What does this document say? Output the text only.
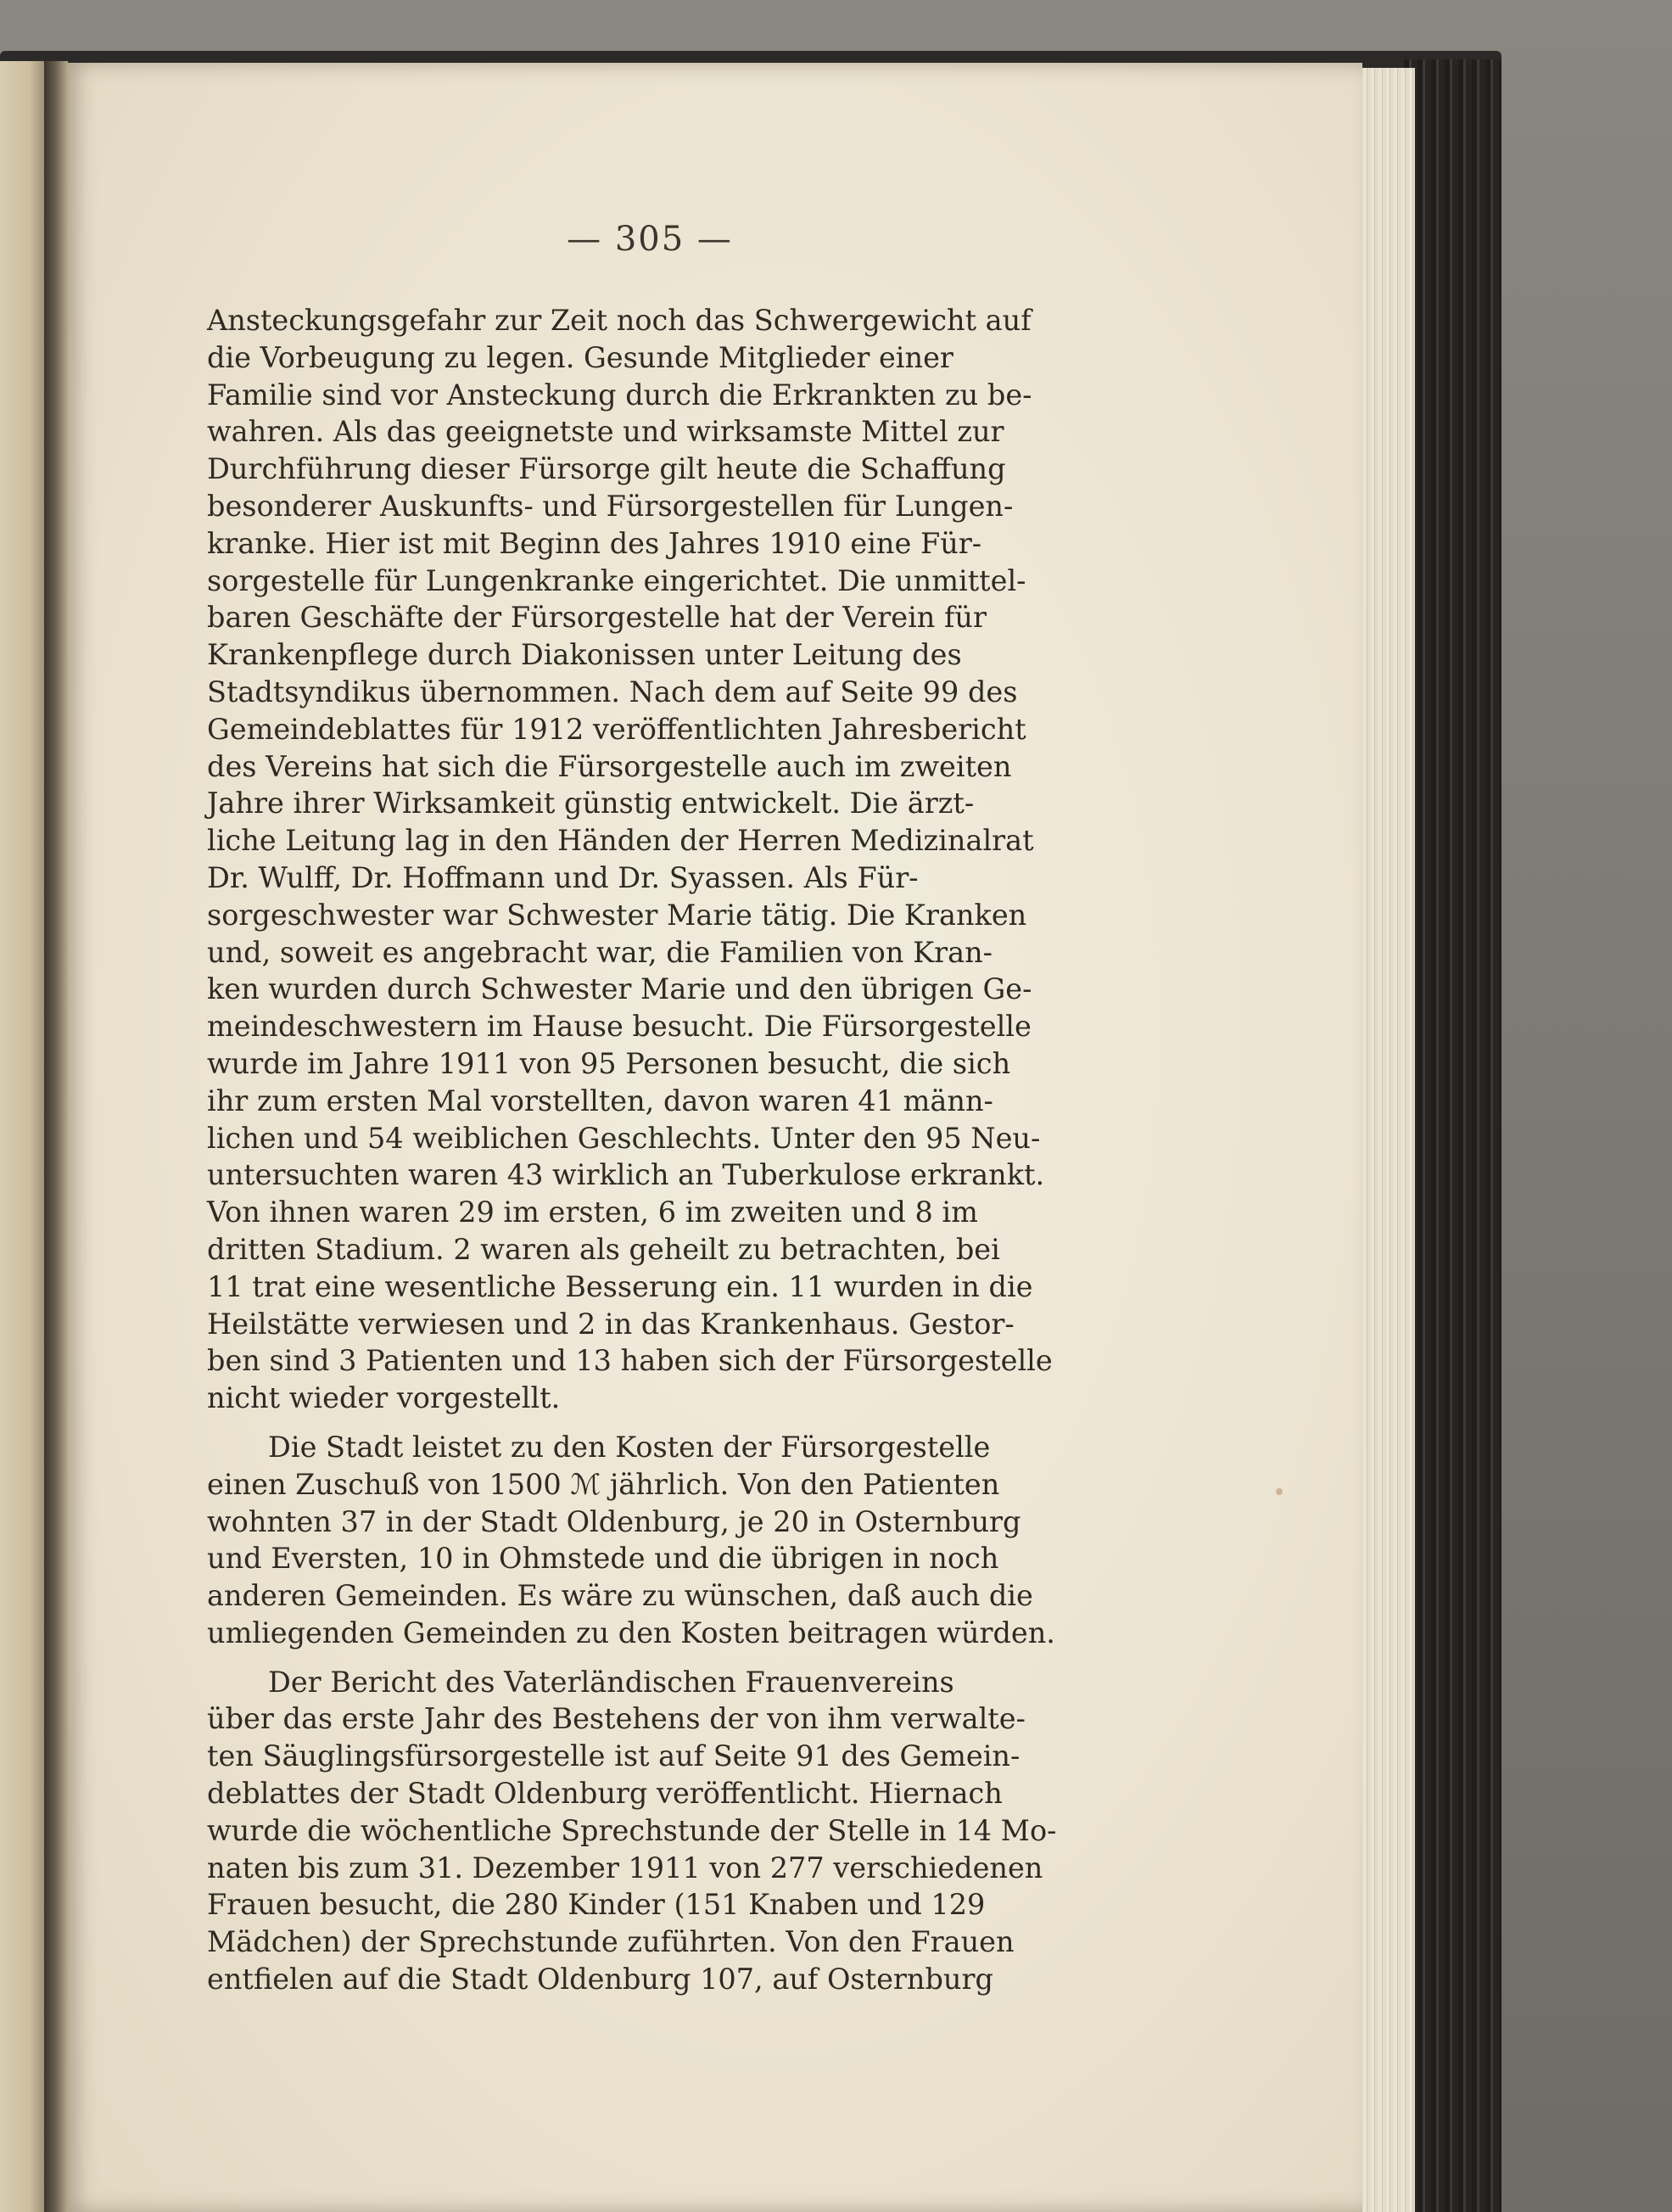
— 305 —
Ansteckungsgefahr zur Zeit noch das Schwergewicht auf
die Vorbeugung zu legen. Gesunde Mitglieder einer
Familie sind vor Ansteckung durch die Erkrankten zu be-
wahren. Als das geeignetste und wirksamste Mittel zur
Durchführung dieser Fürsorge gilt heute die Schaffung
besonderer Auskunfts- und Fürsorgestellen für Lungen-
kranke. Hier ist mit Beginn des Jahres 1910 eine Für-
sorgestelle für Lungenkranke eingerichtet. Die unmittel-
baren Geschäfte der Fürsorgestelle hat der Verein für
Krankenpflege durch Diakonissen unter Leitung des
Stadtsyndikus übernommen. Nach dem auf Seite 99 des
Gemeindeblattes für 1912 veröffentlichten Jahresbericht
des Vereins hat sich die Fürsorgestelle auch im zweiten
Jahre ihrer Wirksamkeit günstig entwickelt. Die ärzt-
liche Leitung lag in den Händen der Herren Medizinalrat
Dr. Wulff, Dr. Hoffmann und Dr. Syassen. Als Für-
sorgeschwester war Schwester Marie tätig. Die Kranken
und, soweit es angebracht war, die Familien von Kran-
ken wurden durch Schwester Marie und den übrigen Ge-
meindeschwestern im Hause besucht. Die Fürsorgestelle
wurde im Jahre 1911 von 95 Personen besucht, die sich
ihr zum ersten Mal vorstellten, davon waren 41 männ-
lichen und 54 weiblichen Geschlechts. Unter den 95 Neu-
untersuchten waren 43 wirklich an Tuberkulose erkrankt.
Von ihnen waren 29 im ersten, 6 im zweiten und 8 im
dritten Stadium. 2 waren als geheilt zu betrachten, bei
11 trat eine wesentliche Besserung ein. 11 wurden in die
Heilstätte verwiesen und 2 in das Krankenhaus. Gestor-
ben sind 3 Patienten und 13 haben sich der Fürsorgestelle
nicht wieder vorgestellt.
Die Stadt leistet zu den Kosten der Fürsorgestelle
einen Zuschuß von 1500 ℳ jährlich. Von den Patienten
wohnten 37 in der Stadt Oldenburg, je 20 in Osternburg
und Eversten, 10 in Ohmstede und die übrigen in noch
anderen Gemeinden. Es wäre zu wünschen, daß auch die
umliegenden Gemeinden zu den Kosten beitragen würden.
Der Bericht des Vaterländischen Frauenvereins
über das erste Jahr des Bestehens der von ihm verwalte-
ten Säuglingsfürsorgestelle ist auf Seite 91 des Gemein-
deblattes der Stadt Oldenburg veröffentlicht. Hiernach
wurde die wöchentliche Sprechstunde der Stelle in 14 Mo-
naten bis zum 31. Dezember 1911 von 277 verschiedenen
Frauen besucht, die 280 Kinder (151 Knaben und 129
Mädchen) der Sprechstunde zuführten. Von den Frauen
entfielen auf die Stadt Oldenburg 107, auf Osternburg
